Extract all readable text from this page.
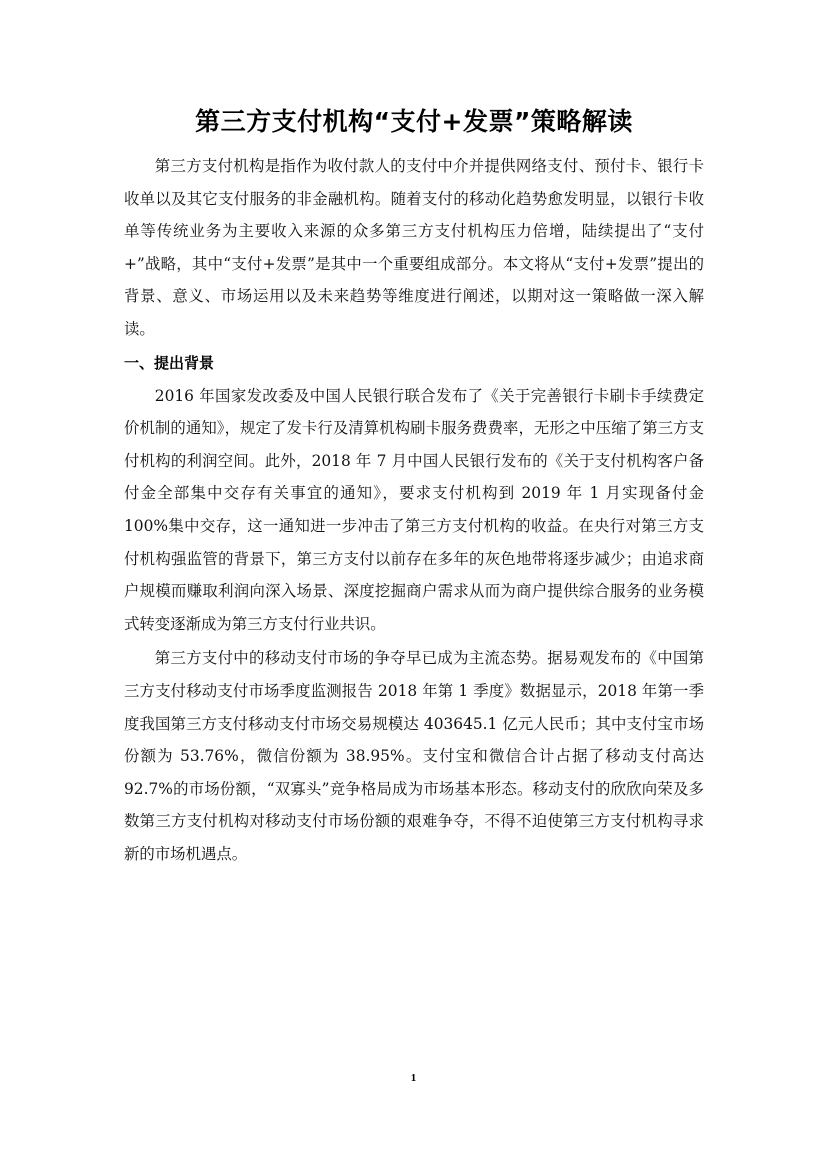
第三方支付机构“支付+发票”策略解读

第三方支付机构是指作为收付款人的支付中介并提供网络支付、预付卡、银行卡收单以及其它支付服务的非金融机构。随着支付的移动化趋势愈发明显，以银行卡收单等传统业务为主要收入来源的众多第三方支付机构压力倍增，陆续提出了“支付+”战略，其中“支付+发票”是其中一个重要组成部分。本文将从“支付+发票”提出的背景、意义、市场运用以及未来趋势等维度进行阐述，以期对这一策略做一深入解读。

一、提出背景

2016 年国家发改委及中国人民银行联合发布了《关于完善银行卡刷卡手续费定价机制的通知》，规定了发卡行及清算机构刷卡服务费费率，无形之中压缩了第三方支付机构的利润空间。此外，2018 年 7 月中国人民银行发布的《关于支付机构客户备付金全部集中交存有关事宜的通知》，要求支付机构到 2019 年 1 月实现备付金 100%集中交存，这一通知进一步冲击了第三方支付机构的收益。在央行对第三方支付机构强监管的背景下，第三方支付以前存在多年的灰色地带将逐步减少；由追求商户规模而赚取利润向深入场景、深度挖掘商户需求从而为商户提供综合服务的业务模式转变逐渐成为第三方支付行业共识。

第三方支付中的移动支付市场的争夺早已成为主流态势。据易观发布的《中国第三方支付移动支付市场季度监测报告 2018 年第 1 季度》数据显示，2018 年第一季度我国第三方支付移动支付市场交易规模达 403645.1 亿元人民币；其中支付宝市场份额为 53.76%，微信份额为 38.95%。支付宝和微信合计占据了移动支付高达 92.7%的市场份额，“双寡头”竞争格局成为市场基本形态。移动支付的欣欣向荣及多数第三方支付机构对移动支付市场份额的艰难争夺，不得不迫使第三方支付机构寻求新的市场机遇点。

1
